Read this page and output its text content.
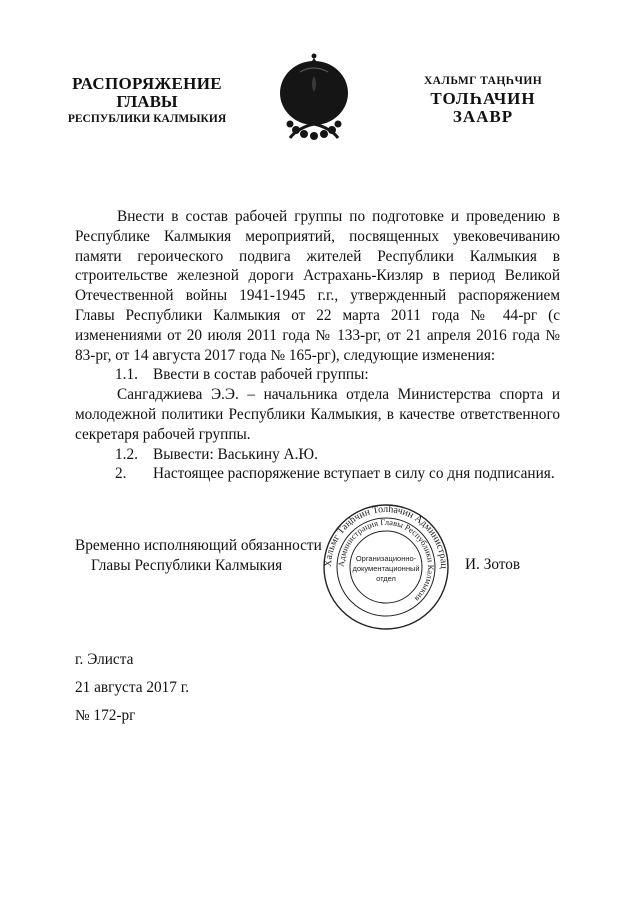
РАСПОРЯЖЕНИЕ
ГЛАВЫ
РЕСПУБЛИКИ КАЛМЫКИЯ
ХАЛЬМГ ТАҢҺЧИН
ТОЛҺАЧИН
ЗААВР

Внести в состав рабочей группы по подготовке и проведению в Республике Калмыкия мероприятий, посвященных увековечиванию памяти героического подвига жителей Республики Калмыкия в строительстве железной дороги Астрахань-Кизляр в период Великой Отечественной войны 1941-1945 г.г., утвержденный распоряжением Главы Республики Калмыкия от 22 марта 2011 года № 44-рг (с изменениями от 20 июля 2011 года № 133-рг, от 21 апреля 2016 года № 83-рг, от 14 августа 2017 года № 165-рг), следующие изменения:

1.1. Ввести в состав рабочей группы:

Сангаджиева Э.Э. – начальника отдела Министерства спорта и молодежной политики Республики Калмыкия, в качестве ответственного секретаря рабочей группы.

1.2. Вывести: Васькину А.Ю.
2.	Настоящее распоряжение вступает в силу со дня подписания.
Временно исполняющий обязанности
Главы Республики Калмыкия	Хальмг Таңһчин Толһачин Администрац
Администрация Главы Республики Калмыкия
Организационно-
документационный
отдел
И. Зотов
г. Элиста
21 августа 2017 г.
№ 172-рг
